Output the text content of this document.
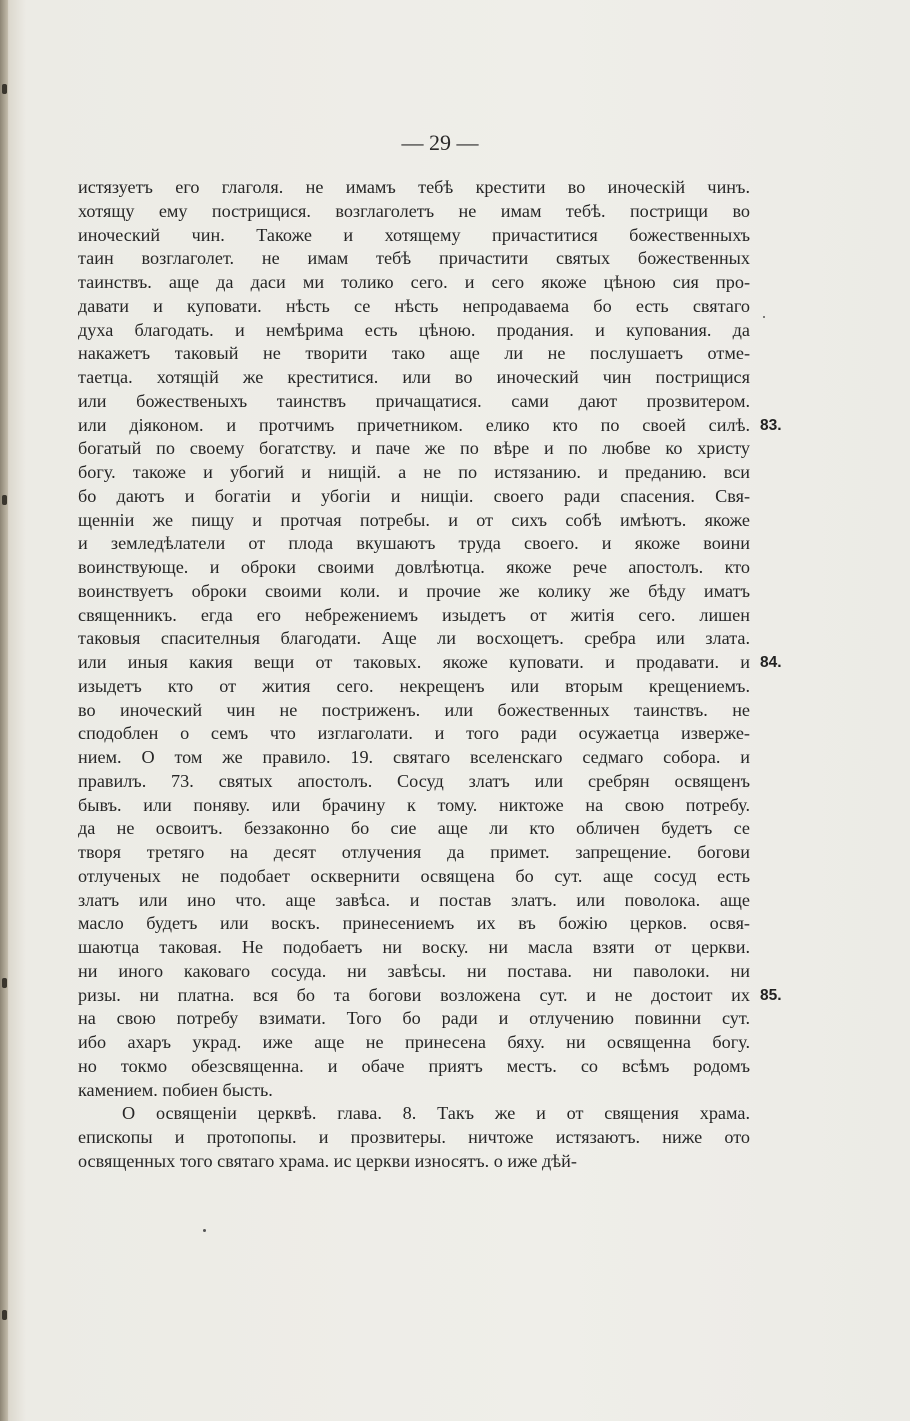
— 29 —
истязуетъ его глаголя. не имамъ тебѣ крестити во иноческій чинъ.
хотящу ему пострищися. возглаголетъ не имам тебѣ. пострищи во
иноческий чин. Такоже и хотящему причаститися божественныхъ
таин возглаголет. не имам тебѣ причастити святых божественных
таинствъ. аще да даси ми толико сего. и сего якоже цѣною сия про-
давати и куповати. нѣсть се нѣсть непродаваема бо есть святаго
духа благодать. и немѣрима есть цѣною. продания. и купования. да
накажетъ таковый не творити тако аще ли не послушаетъ отме-
таетца. хотящій же креститися. или во иноческий чин пострищися
или божественыхъ таинствъ причащатися. сами дают прозвитером.
или діяконом. и протчимъ причетником. елико кто по своей силѣ.
богатый по своему богатству. и паче же по вѣре и по любве ко христу
богу. такоже и убогий и нищій. а не по истязанию. и преданию. вси
бо даютъ и богатіи и убогіи и нищіи. своего ради спасения. Свя-
щенніи же пищу и протчая потребы. и от сихъ собѣ имѣютъ. якоже
и земледѣлатели от плода вкушаютъ труда своего. и якоже воини
воинствующе. и оброки своими довлѣютца. якоже рече апостолъ. кто
воинствуетъ оброки своими коли. и прочие же колику же бѣду иматъ
священникъ. егда его небрежениемъ изыдетъ от житія сего. лишен
таковыя спасителныя благодати. Аще ли восхощетъ. сребра или злата.
или иныя какия вещи от таковых. якоже куповати. и продавати. и
изыдетъ кто от жития сего. некрещенъ или вторым крещениемъ.
во иноческий чин не постриженъ. или божественных таинствъ. не
сподоблен о семъ что изглаголати. и того ради осужаетца изверже-
нием. О том же правило. 19. святаго вселенскаго седмаго собора. и
правилъ. 73. святых апостолъ. Сосуд златъ или сребрян освященъ
бывъ. или поняву. или брачину к тому. никтоже на свою потребу.
да не освоитъ. беззаконно бо сие аще ли кто обличен будетъ се
творя третяго на десят отлучения да примет. запрещение. богови
отлученых не подобает осквернити освящена бо сут. аще сосуд есть
златъ или ино что. аще завѣса. и постав златъ. или поволока. аще
масло будетъ или воскъ. принесениемъ их въ божію церков. освя-
шаютца таковая. Не подобаетъ ни воску. ни масла взяти от церкви.
ни иного каковаго сосуда. ни завѣсы. ни постава. ни паволоки. ни
ризы. ни платна. вся бо та богови возложена сут. и не достоит их
на свою потребу взимати. Того бо ради и отлучению повинни сут.
ибо ахаръ украд. иже аще не принесена бяху. ни освященна богу.
но токмо обезсвященна. и обаче приятъ местъ. со всѣмъ родомъ
камением. побиен бысть.
О освященіи церквѣ. глава. 8. Такъ же и от священия храма.
епископы и протопопы. и прозвитеры. ничтоже истязаютъ. ниже ото
освященных того святаго храма. ис церкви износятъ. о иже дѣй-
83.
84.
85.
